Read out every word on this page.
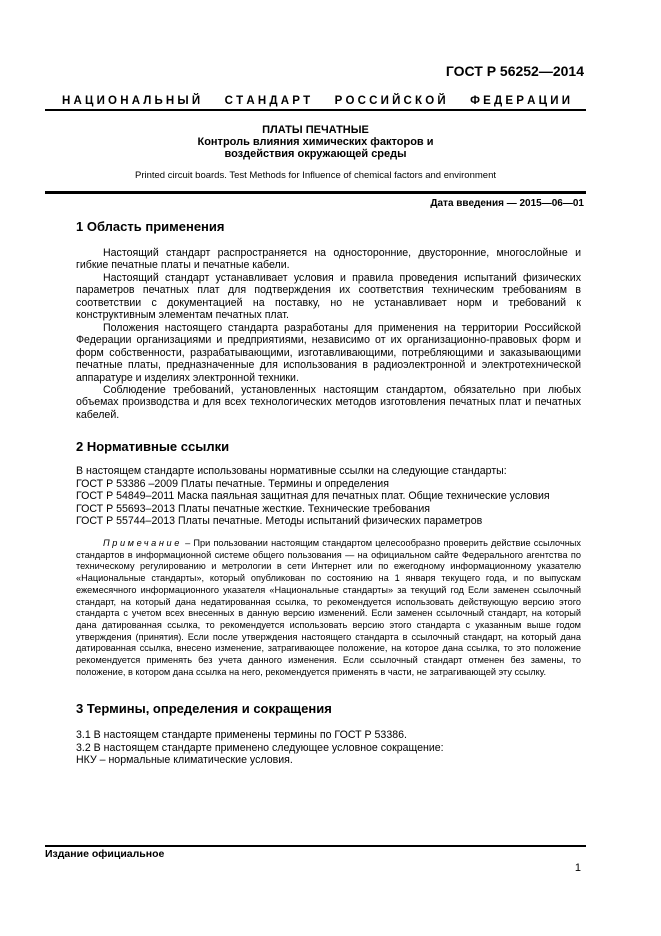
ГОСТ Р 56252—2014
Н А Ц И О Н А Л Ь Н Ы Й С Т А Н Д А Р Т Р О С С И Й С К О Й Ф Е Д Е Р А Ц И И
ПЛАТЫ ПЕЧАТНЫЕ
Контроль влияния химических факторов и
воздействия окружающей среды
Printed circuit boards. Test Methods for Influence of chemical factors and environment
Дата введения — 2015—06—01
1 Область применения
Настоящий стандарт распространяется на односторонние, двусторонние, многослойные и гибкие печатные платы и печатные кабели.
Настоящий стандарт устанавливает условия и правила проведения испытаний физических параметров печатных плат для подтверждения их соответствия техническим требованиям в соответствии с документацией на поставку, но не устанавливает норм и требований к конструктивным элементам печатных плат.
Положения настоящего стандарта разработаны для применения на территории Российской Федерации организациями и предприятиями, независимо от их организационно-правовых форм и форм собственности, разрабатывающими, изготавливающими, потребляющими и заказывающими печатные платы, предназначенные для использования в радиоэлектронной и электротехнической аппаратуре и изделиях электронной техники.
Соблюдение требований, установленных настоящим стандартом, обязательно при любых объемах производства и для всех технологических методов изготовления печатных плат и печатных кабелей.
2 Нормативные ссылки
В настоящем стандарте использованы нормативные ссылки на следующие стандарты:
ГОСТ Р 53386 –2009 Платы печатные. Термины и определения
ГОСТ Р 54849–2011 Маска паяльная защитная для печатных плат. Общие технические условия
ГОСТ Р 55693–2013 Платы печатные жесткие. Технические требования
ГОСТ Р 55744–2013 Платы печатные. Методы испытаний физических параметров
Примечание – При пользовании настоящим стандартом целесообразно проверить действие ссылочных стандартов в информационной системе общего пользования — на официальном сайте Федерального агентства по техническому регулированию и метрологии в сети Интернет или по ежегодному информационному указателю «Национальные стандарты», который опубликован по состоянию на 1 января текущего года, и по выпускам ежемесячного информационного указателя «Национальные стандарты» за текущий год Если заменен ссылочный стандарт, на который дана недатированная ссылка, то рекомендуется использовать действующую версию этого стандарта с учетом всех внесенных в данную версию изменений. Если заменен ссылочный стандарт, на который дана датированная ссылка, то рекомендуется использовать версию этого стандарта с указанным выше годом утверждения (принятия). Если после утверждения настоящего стандарта в ссылочный стандарт, на который дана датированная ссылка, внесено изменение, затрагивающее положение, на которое дана ссылка, то это положение рекомендуется применять без учета данного изменения. Если ссылочный стандарт отменен без замены, то положение, в котором дана ссылка на него, рекомендуется применять в части, не затрагивающей эту ссылку.
3 Термины, определения и сокращения
3.1 В настоящем стандарте применены термины по ГОСТ Р 53386.
3.2 В настоящем стандарте применено следующее условное сокращение:
НКУ – нормальные климатические условия.
Издание официальное
1
